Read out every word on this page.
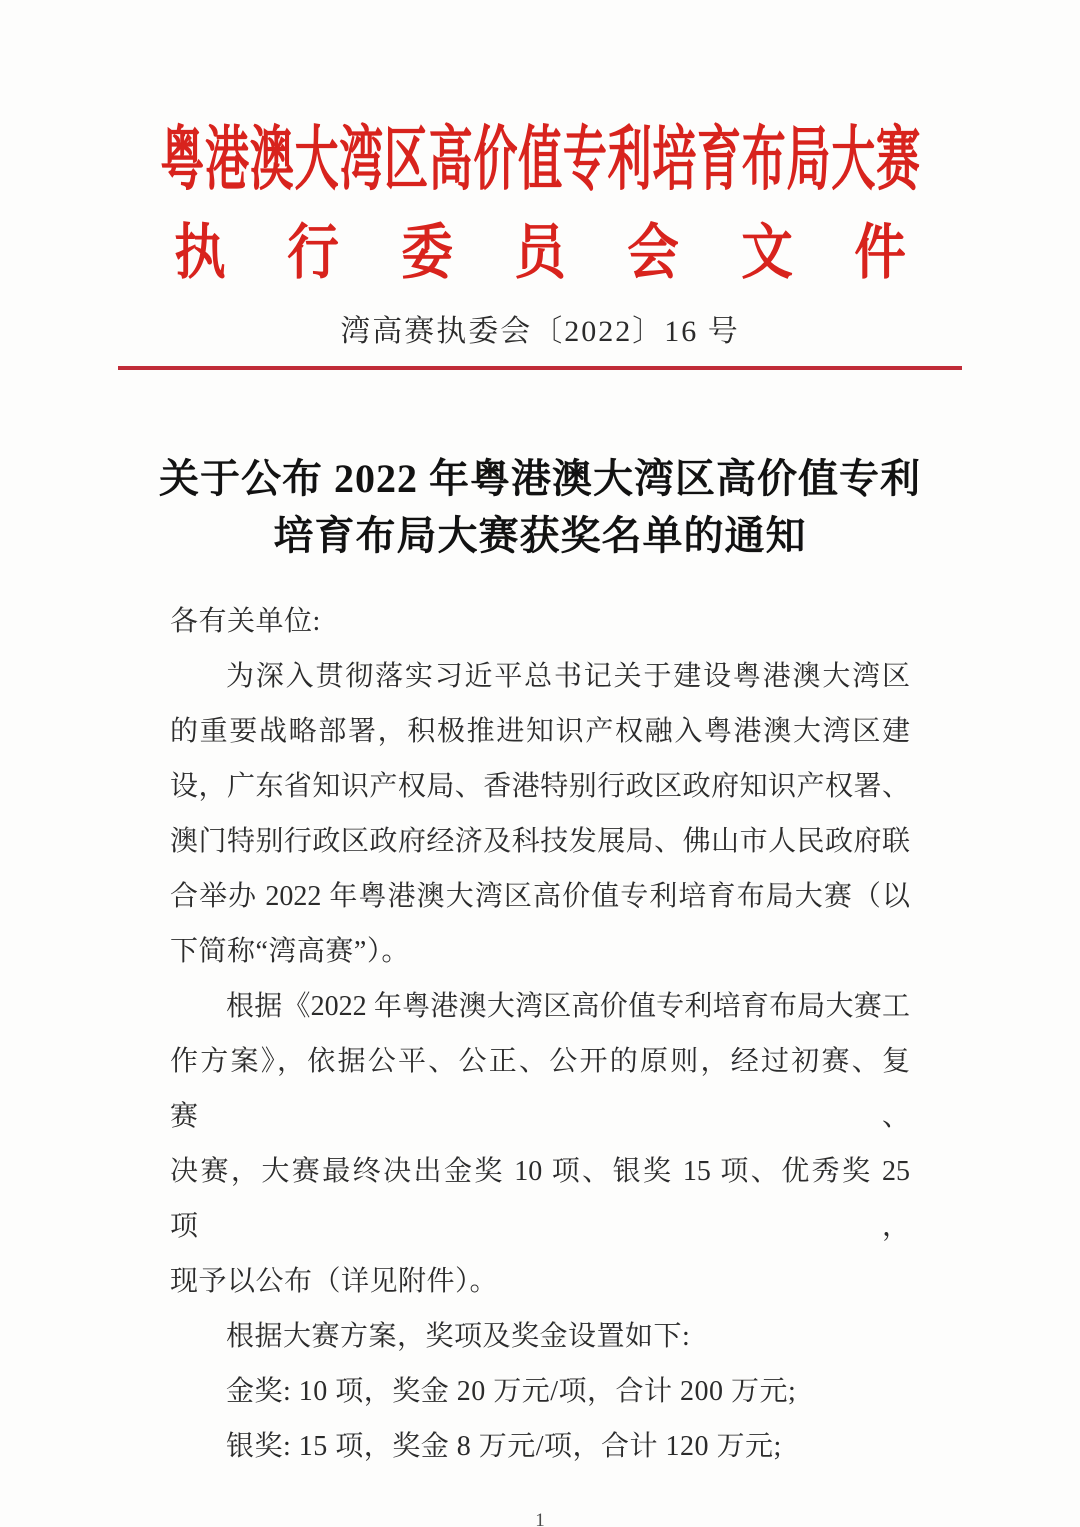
粤港澳大湾区高价值专利培育布局大赛
执 行 委 员 会 文 件
湾高赛执委会〔2022〕16 号
关于公布 2022 年粤港澳大湾区高价值专利
培育布局大赛获奖名单的通知
各有关单位:
为深入贯彻落实习近平总书记关于建设粤港澳大湾区
的重要战略部署，积极推进知识产权融入粤港澳大湾区建
设，广东省知识产权局、香港特别行政区政府知识产权署、
澳门特别行政区政府经济及科技发展局、佛山市人民政府联
合举办 2022 年粤港澳大湾区高价值专利培育布局大赛（以
下简称“湾高赛”）。
根据《2022 年粤港澳大湾区高价值专利培育布局大赛工
作方案》，依据公平、公正、公开的原则，经过初赛、复赛、
决赛，大赛最终决出金奖 10 项、银奖 15 项、优秀奖 25 项，
现予以公布（详见附件）。
根据大赛方案，奖项及奖金设置如下:
金奖: 10 项，奖金 20 万元/项，合计 200 万元;
银奖: 15 项，奖金 8 万元/项，合计 120 万元;
1
